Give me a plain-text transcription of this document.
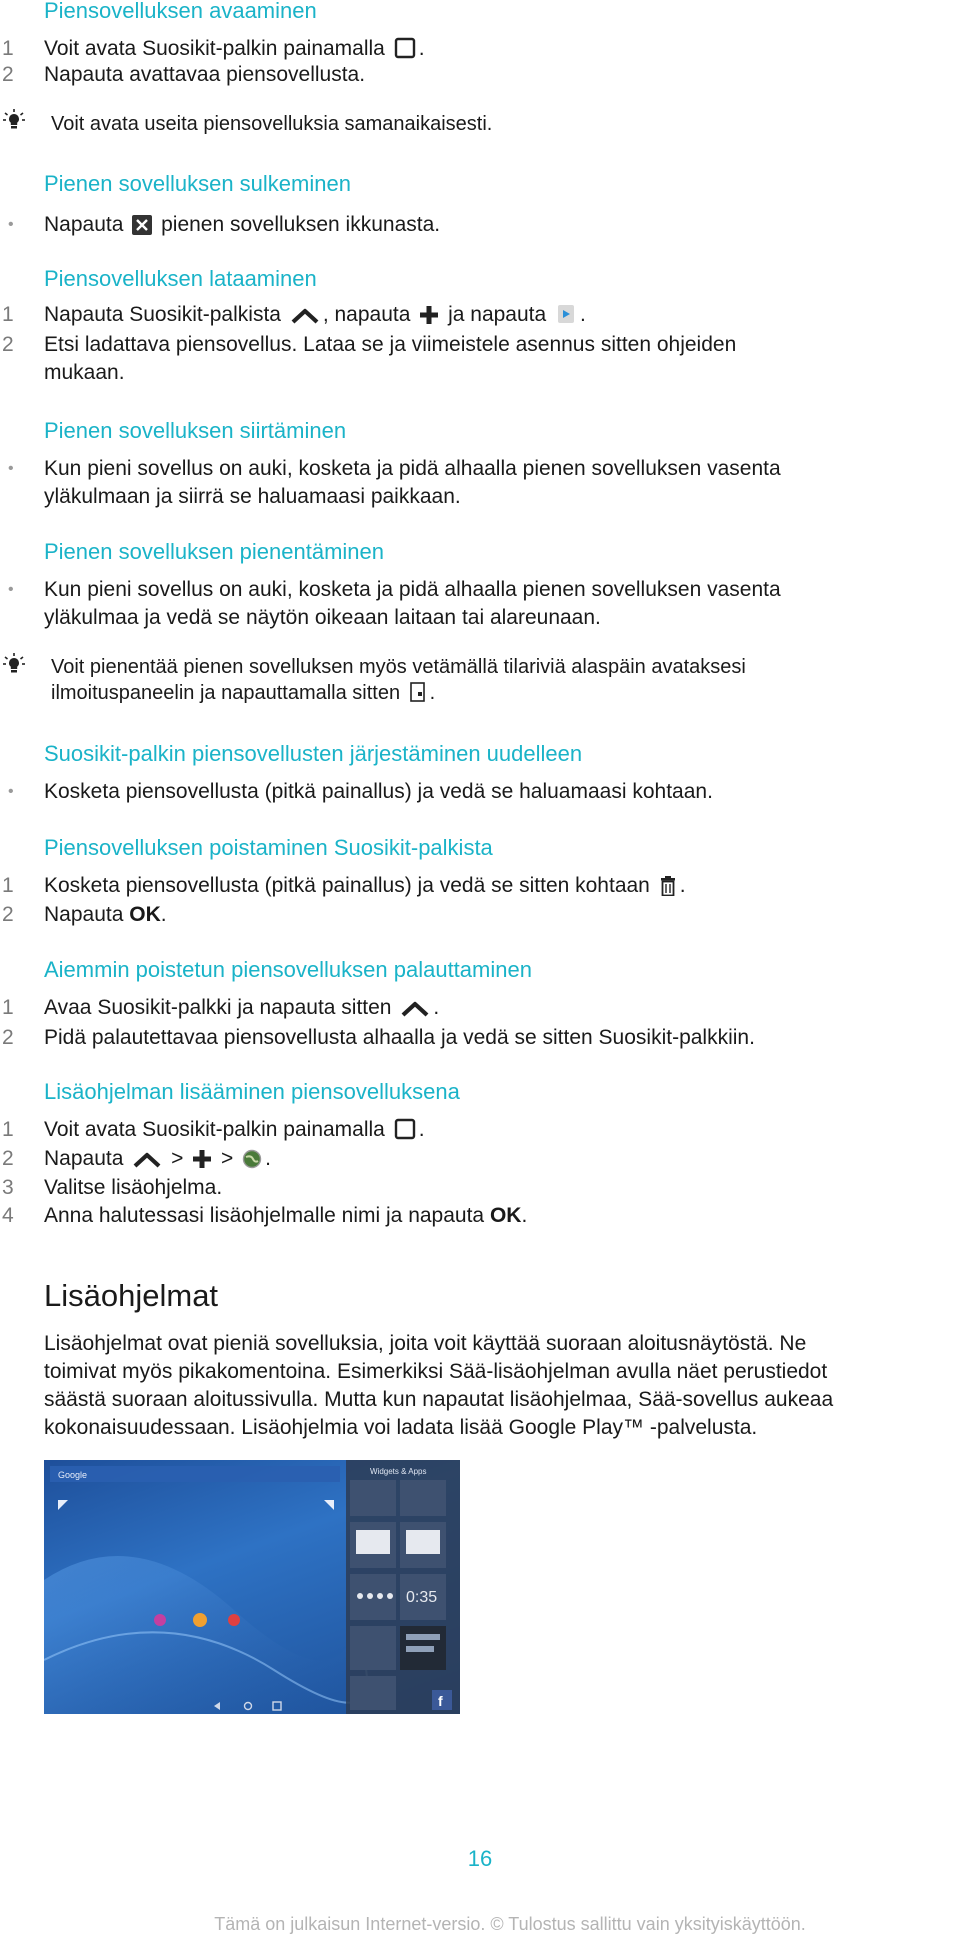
Piensovelluksen avaaminen
1	Voit avata Suosikit-palkin painamalla .
2	Napauta avattavaa piensovellusta.
Voit avata useita piensovelluksia samanaikaisesti.
Pienen sovelluksen sulkeminen
• Napauta pienen sovelluksen ikkunasta.
Piensovelluksen lataaminen
1	Napauta Suosikit-palkista , napauta ja napauta .
2	Etsi ladattava piensovellus. Lataa se ja viimeistele asennus sitten ohjeiden
mukaan.
Pienen sovelluksen siirtäminen
• Kun pieni sovellus on auki, kosketa ja pidä alhaalla pienen sovelluksen vasenta
yläkulmaan ja siirrä se haluamaasi paikkaan.
Pienen sovelluksen pienentäminen
• Kun pieni sovellus on auki, kosketa ja pidä alhaalla pienen sovelluksen vasenta
yläkulmaa ja vedä se näytön oikeaan laitaan tai alareunaan.
Voit pienentää pienen sovelluksen myös vetämällä tilariviä alaspäin avataksesi
ilmoituspaneelin ja napauttamalla sitten .
Suosikit-palkin piensovellusten järjestäminen uudelleen
• Kosketa piensovellusta (pitkä painallus) ja vedä se haluamaasi kohtaan.
Piensovelluksen poistaminen Suosikit-palkista
1	Kosketa piensovellusta (pitkä painallus) ja vedä se sitten kohtaan .
2	Napauta OK.
Aiemmin poistetun piensovelluksen palauttaminen
1	Avaa Suosikit-palkki ja napauta sitten .
2	Pidä palautettavaa piensovellusta alhaalla ja vedä se sitten Suosikit-palkkiin.
Lisäohjelman lisääminen piensovelluksena
1	Voit avata Suosikit-palkin painamalla .
2	Napauta > > .
3	Valitse lisäohjelma.
4	Anna halutessasi lisäohjelmalle nimi ja napauta OK.
Lisäohjelmat
Lisäohjelmat ovat pieniä sovelluksia, joita voit käyttää suoraan aloitusnäytöstä. Ne
toimivat myös pikakomentoina. Esimerkiksi Sää-lisäohjelman avulla näet perustiedot
säästä suoraan aloitussivulla. Mutta kun napautat lisäohjelmaa, Sää-sovellus aukeaa
kokonaisuudessaan. Lisäohjelmia voi ladata lisää Google Play™ -palvelusta.
Google	Widgets & Apps
0:35
f
16
Tämä on julkaisun Internet-versio. © Tulostus sallittu vain yksityiskäyttöön.
